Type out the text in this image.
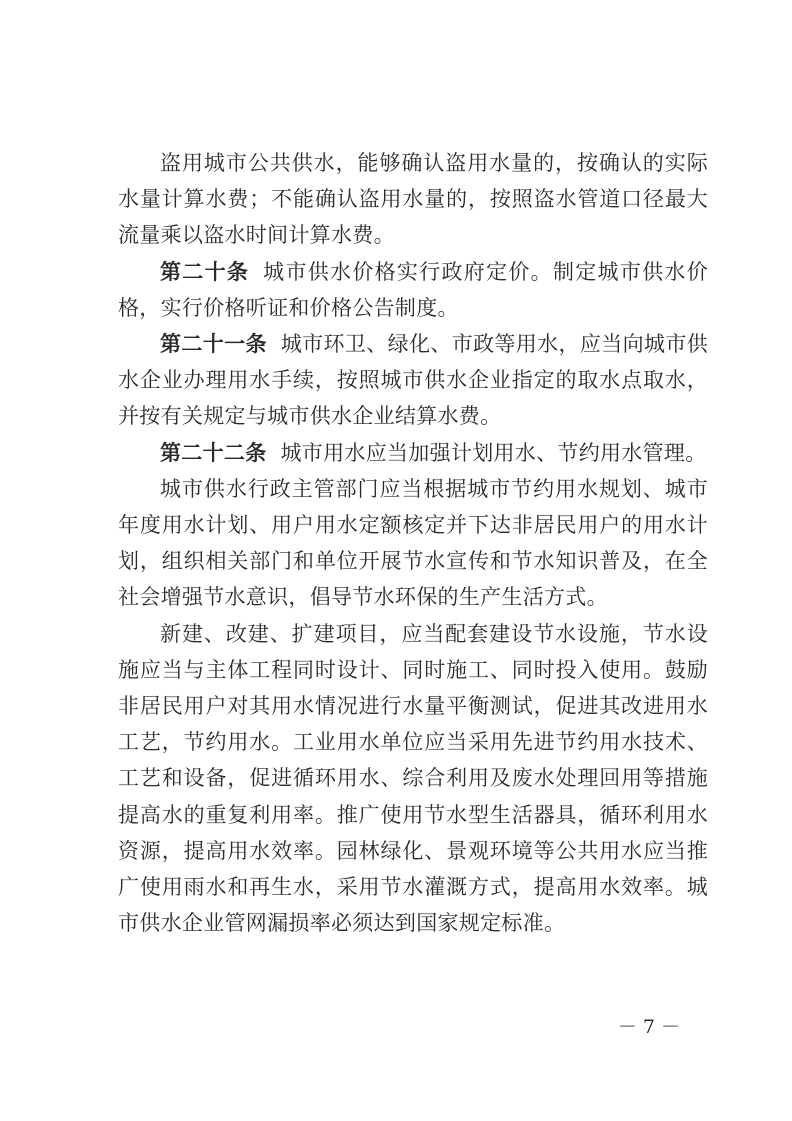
盗用城市公共供水，能够确认盗用水量的，按确认的实际水量计算水费；不能确认盗用水量的，按照盗水管道口径最大流量乘以盗水时间计算水费。

第二十条 城市供水价格实行政府定价。制定城市供水价格，实行价格听证和价格公告制度。

第二十一条 城市环卫、绿化、市政等用水，应当向城市供水企业办理用水手续，按照城市供水企业指定的取水点取水，并按有关规定与城市供水企业结算水费。

第二十二条 城市用水应当加强计划用水、节约用水管理。

城市供水行政主管部门应当根据城市节约用水规划、城市年度用水计划、用户用水定额核定并下达非居民用户的用水计划，组织相关部门和单位开展节水宣传和节水知识普及，在全社会增强节水意识，倡导节水环保的生产生活方式。

新建、改建、扩建项目，应当配套建设节水设施，节水设施应当与主体工程同时设计、同时施工、同时投入使用。鼓励非居民用户对其用水情况进行水量平衡测试，促进其改进用水工艺，节约用水。工业用水单位应当采用先进节约用水技术、工艺和设备，促进循环用水、综合利用及废水处理回用等措施提高水的重复利用率。推广使用节水型生活器具，循环利用水资源，提高用水效率。园林绿化、景观环境等公共用水应当推广使用雨水和再生水，采用节水灌溉方式，提高用水效率。城市供水企业管网漏损率必须达到国家规定标准。

－ 7 －
